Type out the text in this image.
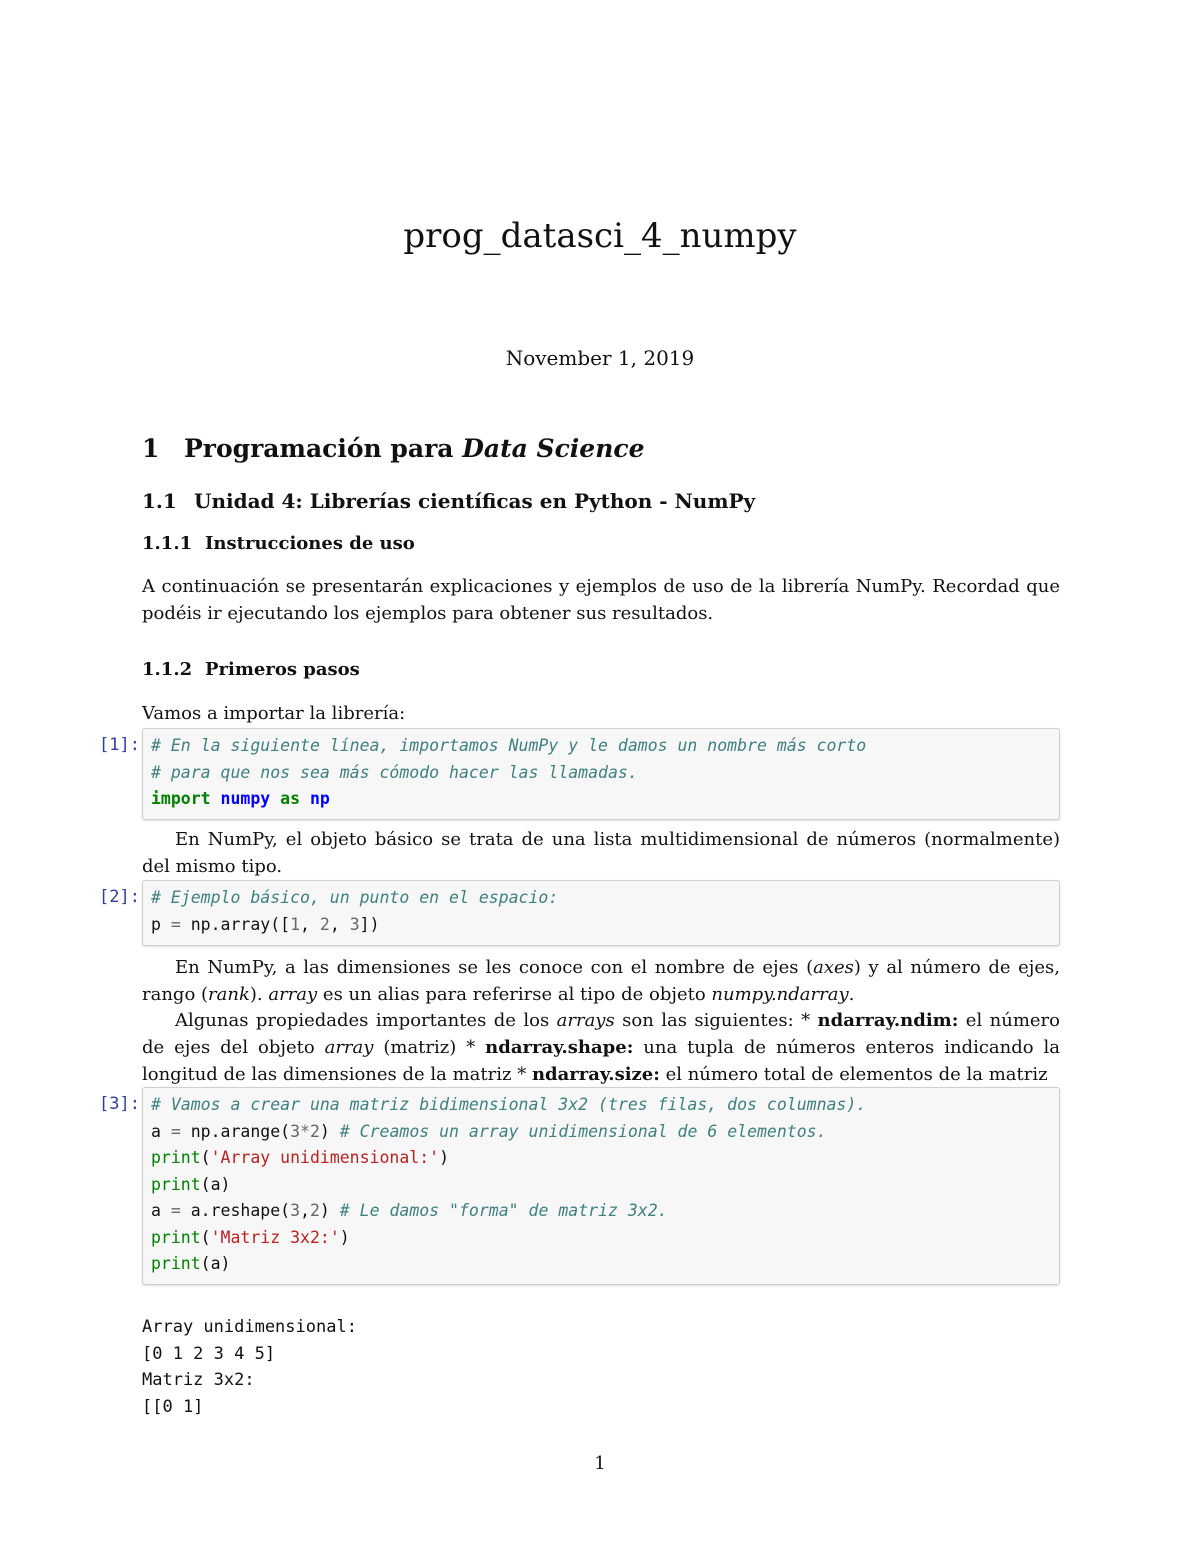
prog_datasci_4_numpy
November 1, 2019
1 Programación para Data Science
1.1 Unidad 4: Librerías científicas en Python - NumPy
1.1.1 Instrucciones de uso
A continuación se presentarán explicaciones y ejemplos de uso de la librería NumPy. Recordad que podéis ir ejecutando los ejemplos para obtener sus resultados.
1.1.2 Primeros pasos
Vamos a importar la librería:
[1]: # En la siguiente línea, importamos NumPy y le damos un nombre más corto
# para que nos sea más cómodo hacer las llamadas.
import numpy as np
En NumPy, el objeto básico se trata de una lista multidimensional de números (normalmente) del mismo tipo.
[2]: # Ejemplo básico, un punto en el espacio:
p = np.array([1, 2, 3])
En NumPy, a las dimensiones se les conoce con el nombre de ejes (axes) y al número de ejes, rango (rank). array es un alias para referirse al tipo de objeto numpy.ndarray.
Algunas propiedades importantes de los arrays son las siguientes: * ndarray.ndim: el número de ejes del objeto array (matriz) * ndarray.shape: una tupla de números enteros indicando la longitud de las dimensiones de la matriz * ndarray.size: el número total de elementos de la matriz
[3]: # Vamos a crear una matriz bidimensional 3x2 (tres filas, dos columnas).
a = np.arange(3*2) # Creamos un array unidimensional de 6 elementos.
print('Array unidimensional:')
print(a)
a = a.reshape(3,2) # Le damos "forma" de matriz 3x2.
print('Matriz 3x2:')
print(a)
Array unidimensional:
[0 1 2 3 4 5]
Matriz 3x2:
[[0 1]
1
